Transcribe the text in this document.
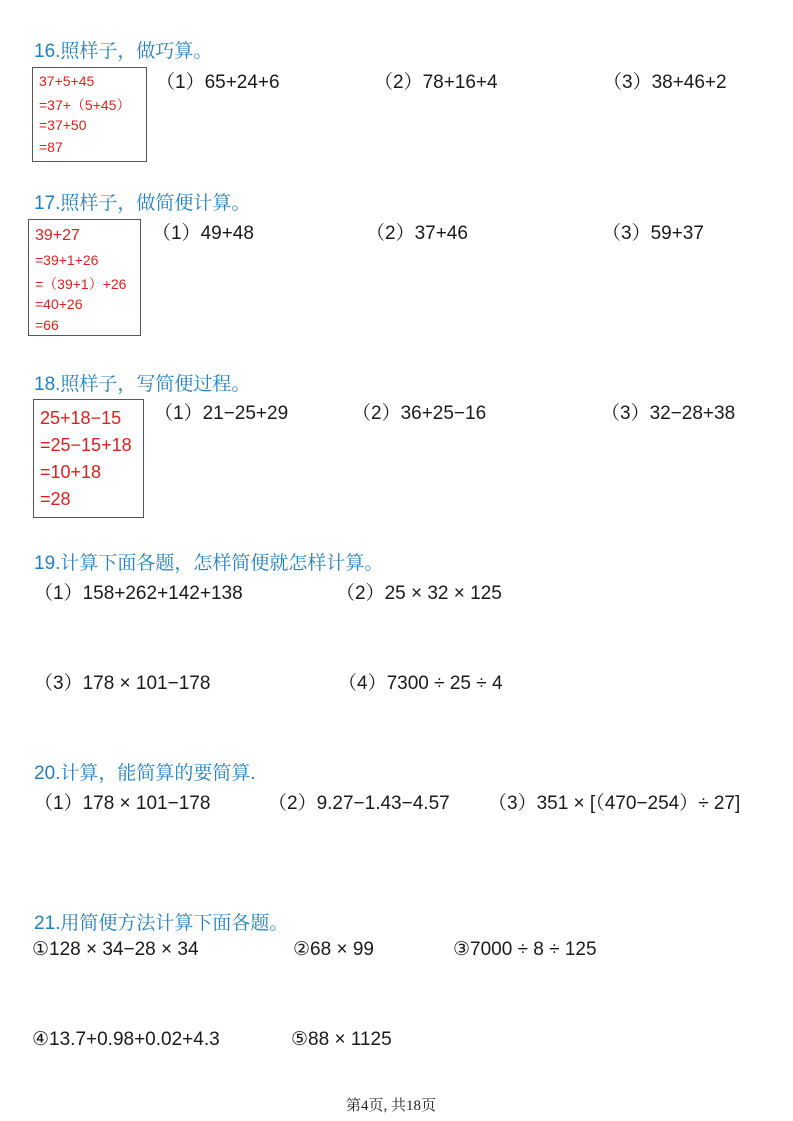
16.照样子，做巧算。
37+5+45
=37+（5+45）
=37+50
=87
（1）65+24+6	（2）78+16+4	（3）38+46+2
17.照样子，做简便计算。
39+27
=39+1+26
=（39+1）+26
=40+26
=66
（1）49+48	（2）37+46	（3）59+37
18.照样子，写简便过程。
25+18−15
=25−15+18
=10+18
=28
（1）21−25+29	（2）36+25−16	（3）32−28+38
19.计算下面各题，怎样简便就怎样计算。
（1）158+262+142+138	（2）25 × 32 × 125
（3）178 × 101−178	（4）7300 ÷ 25 ÷ 4
20.计算，能简算的要简算.
（1）178 × 101−178	（2）9.27−1.43−4.57 （3）351 × [（470−254）÷ 27]
21.用简便方法计算下面各题。
①128 × 34−28 × 34	②68 × 99	③7000 ÷ 8 ÷ 125
④13.7+0.98+0.02+4.3	⑤88 × 1125
第4页, 共18页
